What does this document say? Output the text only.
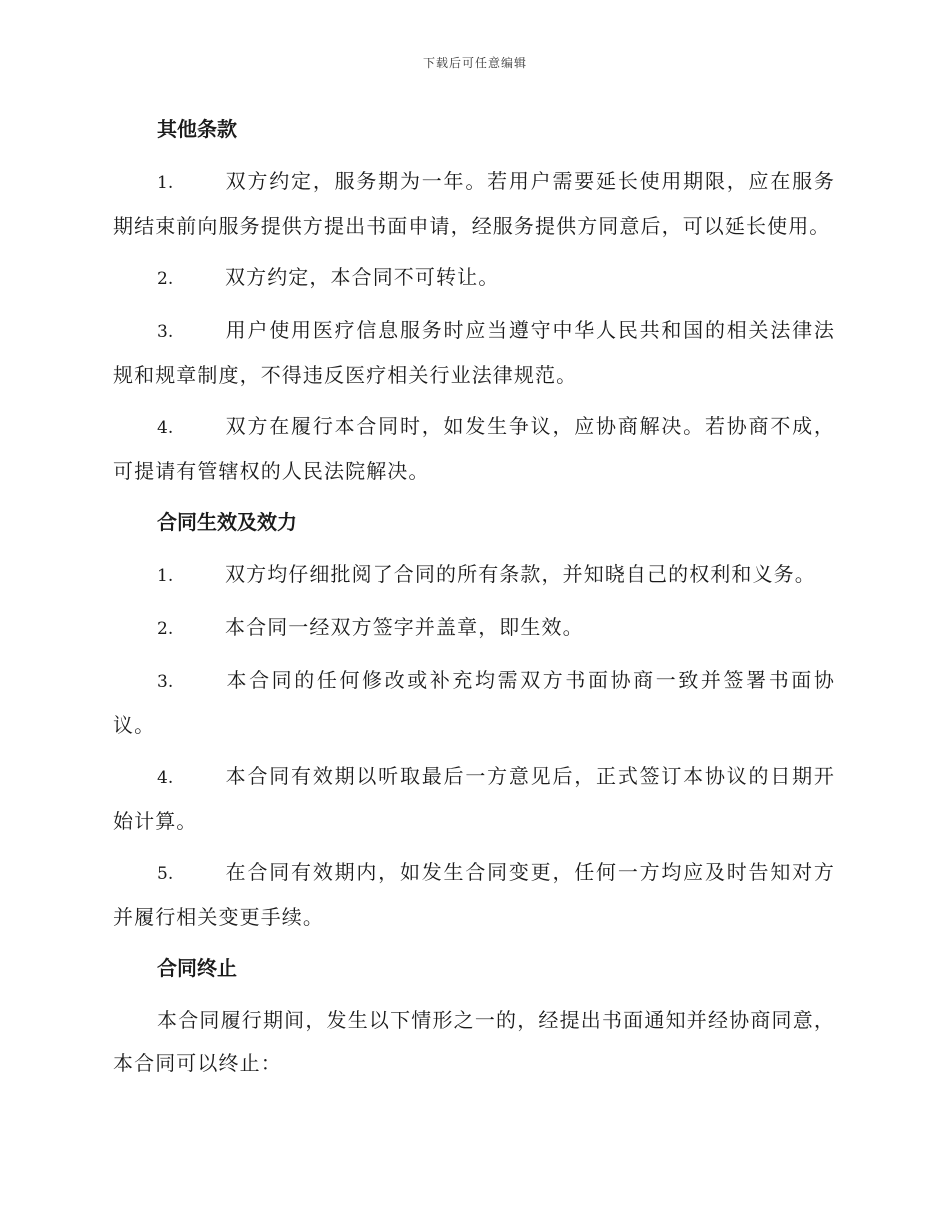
下载后可任意编辑
其他条款

1.	双方约定，服务期为一年。若用户需要延长使用期限，应在服务期结束前向服务提供方提出书面申请，经服务提供方同意后，可以延长使用。

2.	双方约定，本合同不可转让。

3.	用户使用医疗信息服务时应当遵守中华人民共和国的相关法律法规和规章制度，不得违反医疗相关行业法律规范。

4.	双方在履行本合同时，如发生争议，应协商解决。若协商不成，可提请有管辖权的人民法院解决。

合同生效及效力

1.	双方均仔细批阅了合同的所有条款，并知晓自己的权利和义务。

2.	本合同一经双方签字并盖章，即生效。

3.	本合同的任何修改或补充均需双方书面协商一致并签署书面协议。

4.	本合同有效期以听取最后一方意见后，正式签订本协议的日期开始计算。

5.	在合同有效期内，如发生合同变更，任何一方均应及时告知对方并履行相关变更手续。

合同终止

本合同履行期间，发生以下情形之一的，经提出书面通知并经协商同意，本合同可以终止：
